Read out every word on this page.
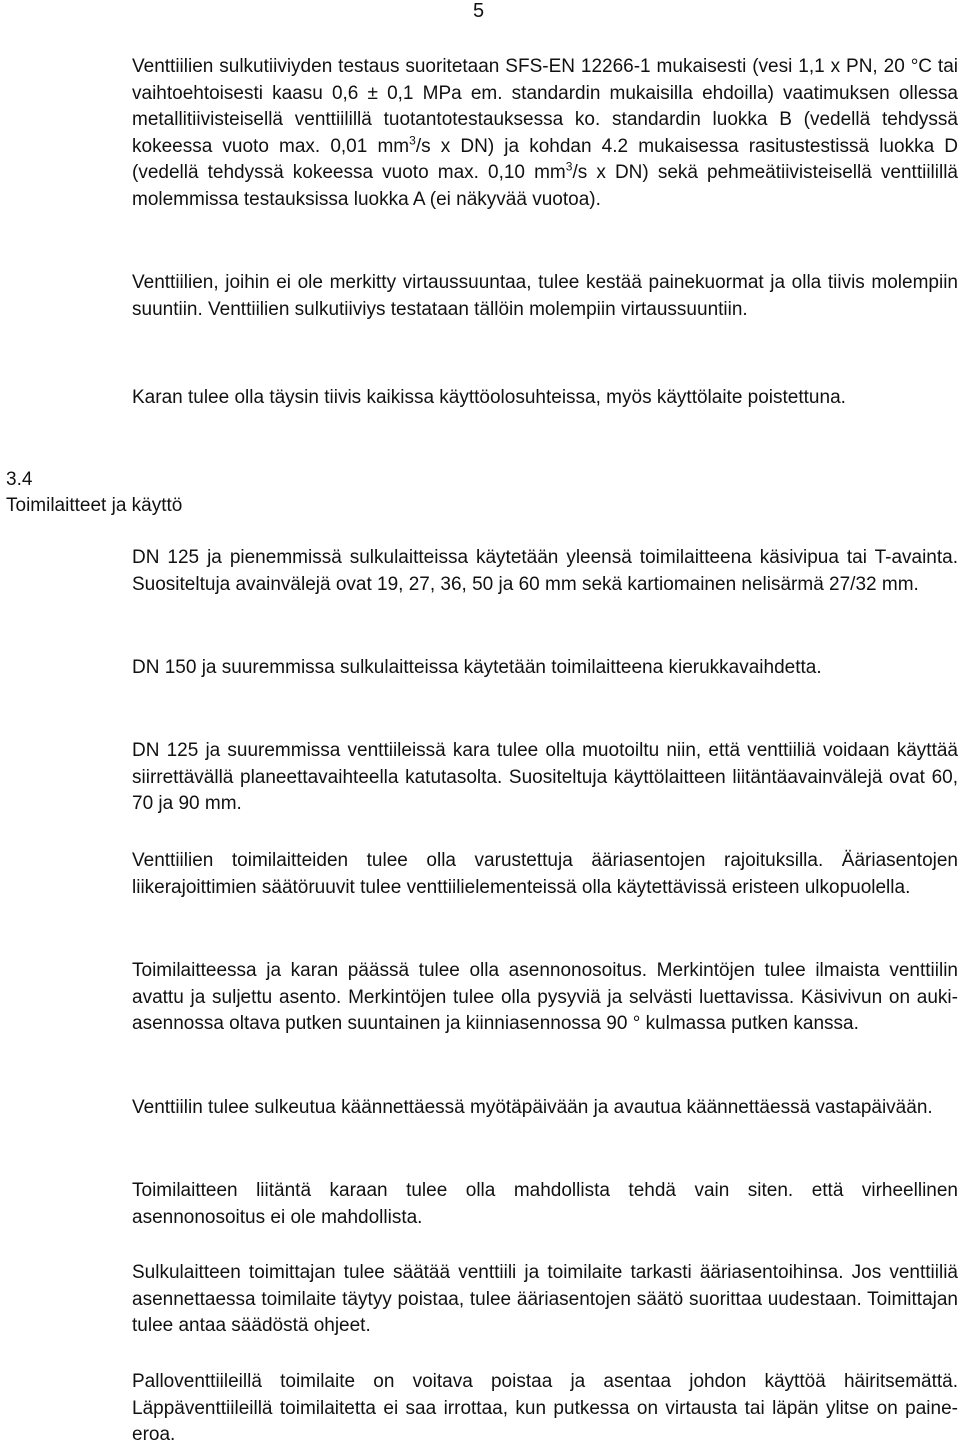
5

Venttiilien sulkutiiviyden testaus suoritetaan SFS-EN 12266-1 mukaisesti (vesi 1,1 x PN, 20 °C tai vaihtoehtoisesti kaasu 0,6 ± 0,1 MPa em. standardin mukaisilla ehdoilla) vaatimuksen ollessa metallitiivisteisellä venttiilillä tuotantotestauksessa ko. standardin luokka B (vedellä tehdyssä kokeessa vuoto max. 0,01 $mm^3/s$ x DN) ja kohdan 4.2 mukaisessa rasitustestissä luokka D (vedellä tehdyssä kokeessa vuoto max. 0,10 $mm^3/s$ x DN) sekä pehmeätiivisteisellä venttiilillä molemmissa testauksissa luokka A (ei näkyvää vuotoa).

Venttiilien, joihin ei ole merkitty virtaussuuntaa, tulee kestää painekuormat ja olla tiivis molempiin suuntiin. Venttiilien sulkutiiviys testataan tällöin molempiin virtaussuuntiin.

Karan tulee olla täysin tiivis kaikissa käyttöolosuhteissa, myös käyttölaite poistettuna.

3.4
Toimilaitteet ja käyttö

DN 125 ja pienemmissä sulkulaitteissa käytetään yleensä toimilaitteena käsivipua tai T-avainta. Suositeltuja avainvälejä ovat 19, 27, 36, 50 ja 60 mm sekä kartiomainen nelisärmä 27/32 mm.

DN 150 ja suuremmissa sulkulaitteissa käytetään toimilaitteena kierukkavaihdetta.

DN 125 ja suuremmissa venttiileissä kara tulee olla muotoiltu niin, että venttiiliä voidaan käyttää siirrettävällä planeettavaihteella katutasolta. Suositeltuja käyttölaitteen liitäntäavainvälejä ovat 60, 70 ja 90 mm.

Venttiilien toimilaitteiden tulee olla varustettuja ääriasentojen rajoituksilla. Ääriasentojen liikerajoittimien säätöruuvit tulee venttiilielementeissä olla käytettävissä eristeen ulkopuolella.

Toimilaitteessa ja karan päässä tulee olla asennonosoitus. Merkintöjen tulee ilmaista venttiilin avattu ja suljettu asento. Merkintöjen tulee olla pysyviä ja selvästi luettavissa. Käsivivun on auki-asennossa oltava putken suuntainen ja kiinniasennossa 90 ° kulmassa putken kanssa.

Venttiilin tulee sulkeutua käännettäessä myötäpäivään ja avautua käännettäessä vastapäivään.

Toimilaitteen liitäntä karaan tulee olla mahdollista tehdä vain siten. että virheellinen asennonosoitus ei ole mahdollista.

Sulkulaitteen toimittajan tulee säätää venttiili ja toimilaite tarkasti ääriasentoihinsa. Jos venttiiliä asennettaessa toimilaite täytyy poistaa, tulee ääriasentojen säätö suorittaa uudestaan. Toimittajan tulee antaa säädöstä ohjeet.

Palloventtiileillä toimilaite on voitava poistaa ja asentaa johdon käyttöä häiritsemättä. Läppäventtiileillä toimilaitetta ei saa irrottaa, kun putkessa on virtausta tai läpän ylitse on paine-eroa.
